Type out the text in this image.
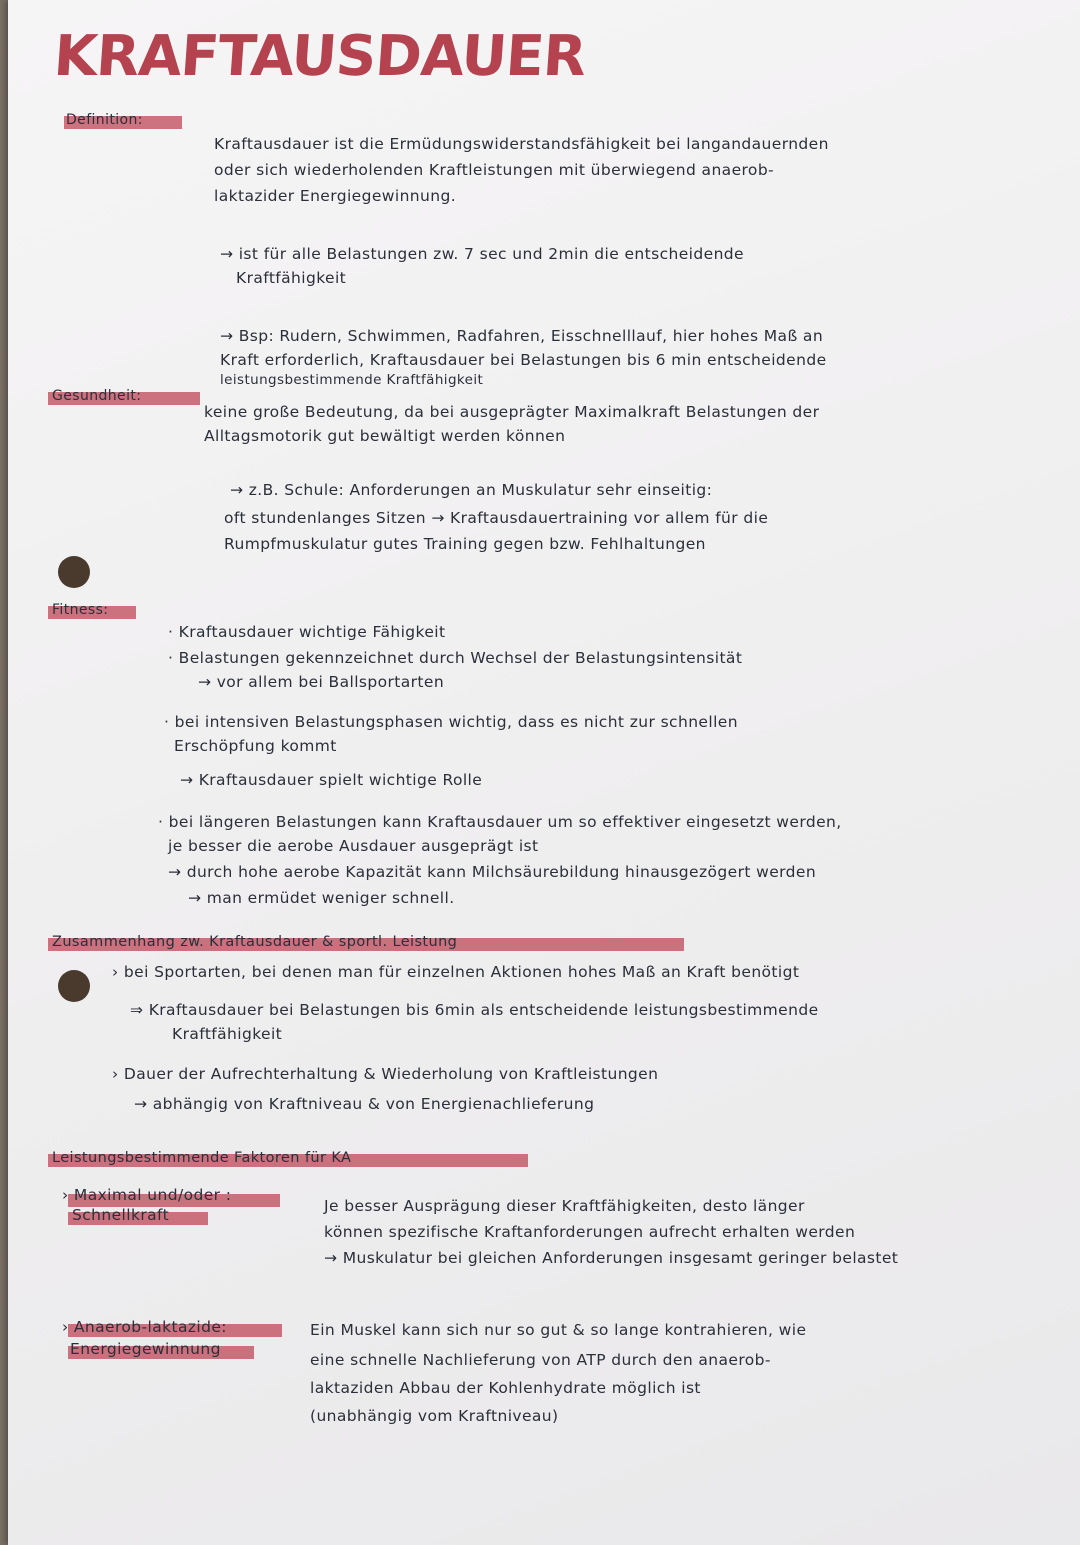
KRAFTAUSDAUER

Definition:

Kraftausdauer ist die Ermüdungswiderstandsfähigkeit bei langandauernden

oder sich wiederholenden Kraftleistungen mit überwiegend anaerob-

laktazider Energiegewinnung.

→ ist für alle Belastungen zw. 7 sec und 2min die entscheidende

Kraftfähigkeit

→ Bsp: Rudern, Schwimmen, Radfahren, Eisschnelllauf, hier hohes Maß an

Kraft erforderlich, Kraftausdauer bei Belastungen bis 6 min entscheidende

leistungsbestimmende Kraftfähigkeit

Gesundheit:

keine große Bedeutung, da bei ausgeprägter Maximalkraft Belastungen der

Alltagsmotorik gut bewältigt werden können

→ z.B. Schule: Anforderungen an Muskulatur sehr einseitig:

oft stundenlanges Sitzen → Kraftausdauertraining vor allem für die

Rumpfmuskulatur gutes Training gegen bzw. Fehlhaltungen

Fitness:

· Kraftausdauer wichtige Fähigkeit

· Belastungen gekennzeichnet durch Wechsel der Belastungsintensität

→ vor allem bei Ballsportarten

· bei intensiven Belastungsphasen wichtig, dass es nicht zur schnellen

Erschöpfung kommt

→ Kraftausdauer spielt wichtige Rolle

· bei längeren Belastungen kann Kraftausdauer um so effektiver eingesetzt werden,

je besser die aerobe Ausdauer ausgeprägt ist

→ durch hohe aerobe Kapazität kann Milchsäurebildung hinausgezögert werden

→ man ermüdet weniger schnell.

Zusammenhang zw. Kraftausdauer & sportl. Leistung

› bei Sportarten, bei denen man für einzelnen Aktionen hohes Maß an Kraft benötigt

⇒ Kraftausdauer bei Belastungen bis 6min als entscheidende leistungsbestimmende

Kraftfähigkeit

› Dauer der Aufrechterhaltung & Wiederholung von Kraftleistungen

→ abhängig von Kraftniveau & von Energienachlieferung

Leistungsbestimmende Faktoren für KA

› Maximal und/oder :

Schnellkraft	Je besser Ausprägung dieser Kraftfähigkeiten, desto länger

können spezifische Kraftanforderungen aufrecht erhalten werden

→ Muskulatur bei gleichen Anforderungen insgesamt geringer belastet

› Anaerob-laktazide:

Energiegewinnung

Ein Muskel kann sich nur so gut & so lange kontrahieren, wie

eine schnelle Nachlieferung von ATP durch den anaerob-

laktaziden Abbau der Kohlenhydrate möglich ist

(unabhängig vom Kraftniveau)
